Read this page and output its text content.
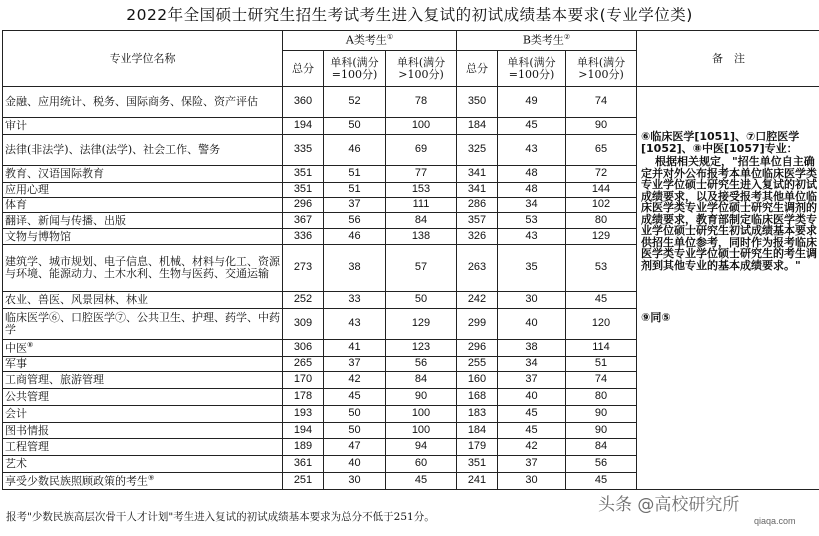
2022年全国硕士研究生招生考试考生进入复试的初试成绩基本要求(专业学位类)
专业学位名称	A类考生①			B类考生②			备　注
	总分	单科(满分=100分)	单科(满分>100分)	总分	单科(满分=100分)	单科(满分>100分)	
金融、应用统计、税务、国际商务、保险、资产评估	360	52	78	350	49	74	⑥临床医学[1051]、⑦口腔医学[1052]、⑧中医[1057]专业：

根据相关规定，"招生单位自主确定并对外公布报考本单位临床医学类专业学位硕士研究生进入复试的初试成绩要求，以及接受报考其他单位临床医学类专业学位硕士研究生调剂的成绩要求，教育部制定临床医学类专业学位硕士研究生初试成绩基本要求供招生单位参考，同时作为报考临床医学类专业学位硕士研究生的考生调剂到其他专业的基本成绩要求。"

⑨同⑤

审计	194	50	100	184	45	90	
法律(非法学)、法律(法学)、社会工作、警务	335	46	69	325	43	65	
教育、汉语国际教育	351	51	77	341	48	72	
应用心理	351	51	153	341	48	144	
体育	296	37	111	286	34	102	
翻译、新闻与传播、出版	367	56	84	357	53	80	
文物与博物馆	336	46	138	326	43	129	
建筑学、城市规划、电子信息、机械、材料与化工、资源与环境、能源动力、土木水利、生物与医药、交通运输	273	38	57	263	35	53	
农业、兽医、风景园林、林业	252	33	50	242	30	45	
临床医学⑥、口腔医学⑦、公共卫生、护理、药学、中药学	309	43	129	299	40	120	
中医⑧	306	41	123	296	38	114	
军事	265	37	56	255	34	51	
工商管理、旅游管理	170	42	84	160	37	74	
公共管理	178	45	90	168	40	80	
会计	193	50	100	183	45	90	
图书情报	194	50	100	184	45	90	
工程管理	189	47	94	179	42	84	
艺术	361	40	60	351	37	56	
享受少数民族照顾政策的考生⑨	251	30	45	241	30	45	
报考"少数民族高层次骨干人才计划"考生进入复试的初试成绩基本要求为总分不低于251分。
头条 @高校研究所
qiaqa.com
